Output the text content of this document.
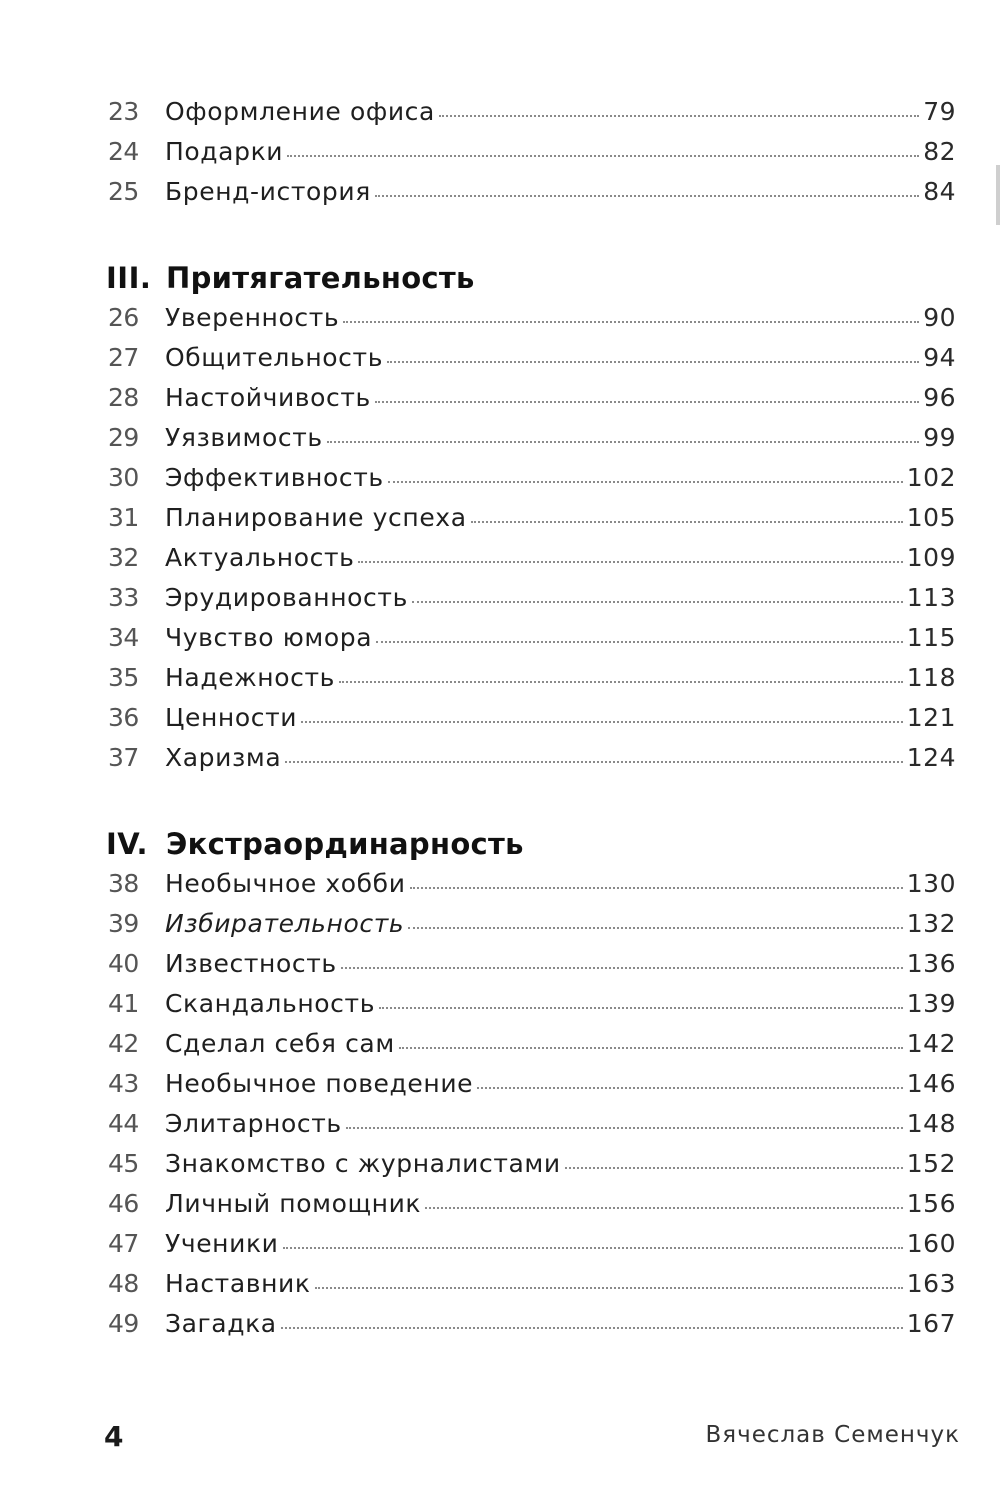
23	Оформление офиса	79
24	Подарки	82
25	Бренд-история	84
III. Притягательность
26	Уверенность	90
27	Общительность	94
28	Настойчивость	96
29	Уязвимость	99
30	Эффективность	102
31	Планирование успеха	105
32	Актуальность	109
33	Эрудированность	113
34	Чувство юмора	115
35	Надежность	118
36	Ценности	121
37	Харизма	124
IV. Экстраординарность
38	Необычное хобби	130
39	Избирательность	132
40	Известность	136
41	Скандальность	139
42	Сделал себя сам	142
43	Необычное поведение	146
44	Элитарность	148
45	Знакомство с журналистами	152
46	Личный помощник	156
47	Ученики	160
48	Наставник	163
49	Загадка	167
4	Вячеслав Семенчук
